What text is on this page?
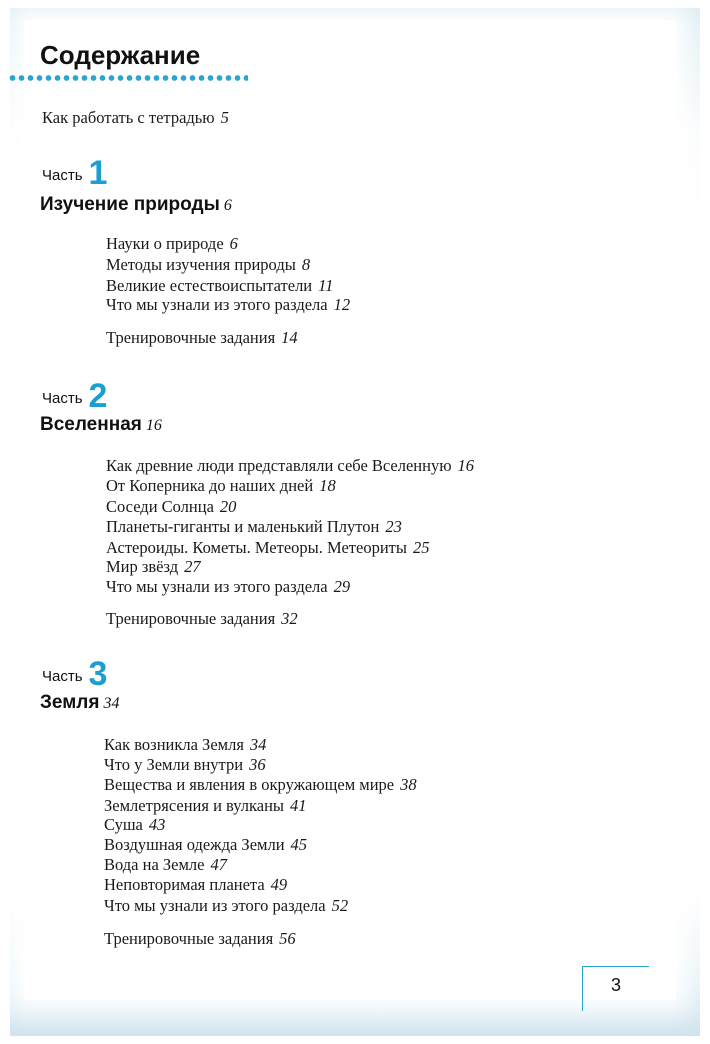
Содержание
Как работать с тетрадью 5
Часть 1
Изучение природы 6
Науки о природе 6
Методы изучения природы 8
Великие естествоиспытатели 11
Что мы узнали из этого раздела 12
Тренировочные задания 14
Часть 2
Вселенная 16
Как древние люди представляли себе Вселенную 16
От Коперника до наших дней 18
Соседи Солнца 20
Планеты-гиганты и маленький Плутон 23
Астероиды. Кометы. Метеоры. Метеориты 25
Мир звёзд 27
Что мы узнали из этого раздела 29
Тренировочные задания 32
Часть 3
Земля 34
Как возникла Земля 34
Что у Земли внутри 36
Вещества и явления в окружающем мире 38
Землетрясения и вулканы 41
Суша 43
Воздушная одежда Земли 45
Вода на Земле 47
Неповторимая планета 49
Что мы узнали из этого раздела 52
Тренировочные задания 56
3
